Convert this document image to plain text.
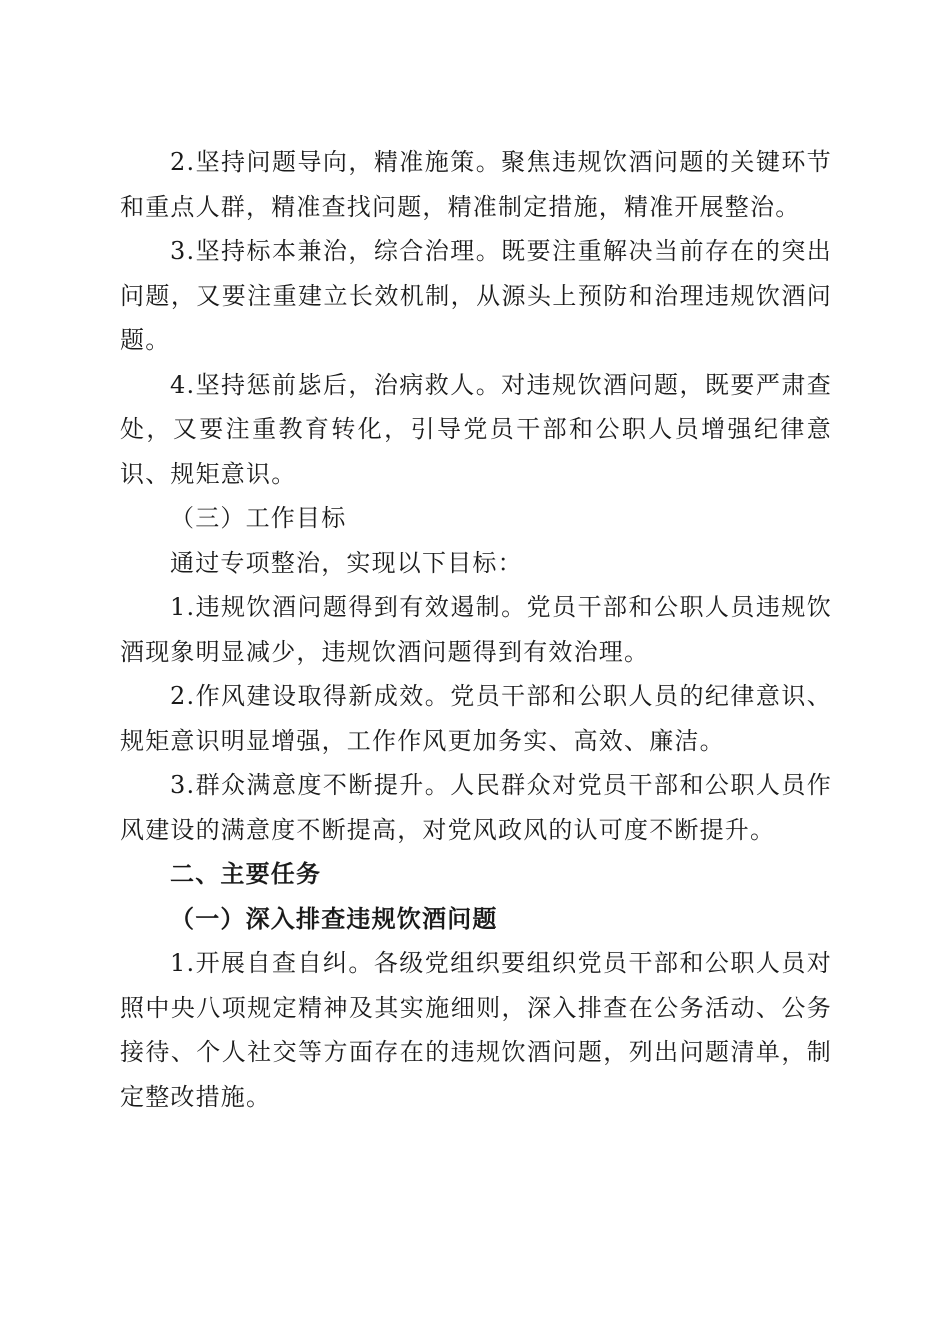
2.坚持问题导向，精准施策。聚焦违规饮酒问题的关键环节和重点人群，精准查找问题，精准制定措施，精准开展整治。

3.坚持标本兼治，综合治理。既要注重解决当前存在的突出问题，又要注重建立长效机制，从源头上预防和治理违规饮酒问题。

4.坚持惩前毖后，治病救人。对违规饮酒问题，既要严肃查处，又要注重教育转化，引导党员干部和公职人员增强纪律意识、规矩意识。

（三）工作目标

通过专项整治，实现以下目标：

1.违规饮酒问题得到有效遏制。党员干部和公职人员违规饮酒现象明显减少，违规饮酒问题得到有效治理。

2.作风建设取得新成效。党员干部和公职人员的纪律意识、规矩意识明显增强，工作作风更加务实、高效、廉洁。

3.群众满意度不断提升。人民群众对党员干部和公职人员作风建设的满意度不断提高，对党风政风的认可度不断提升。

二、主要任务

（一）深入排查违规饮酒问题

1.开展自查自纠。各级党组织要组织党员干部和公职人员对照中央八项规定精神及其实施细则，深入排查在公务活动、公务接待、个人社交等方面存在的违规饮酒问题，列出问题清单，制定整改措施。
